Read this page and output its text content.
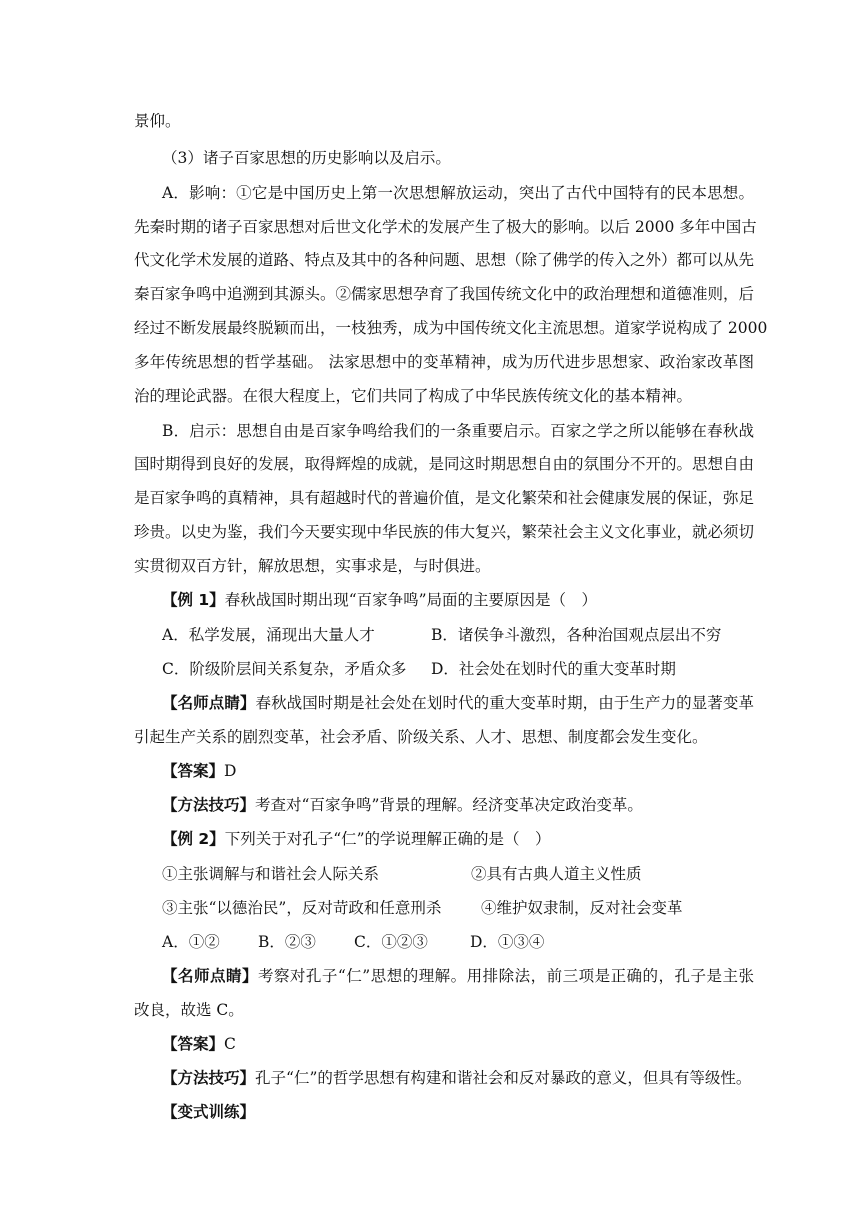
景仰。
（3）诸子百家思想的历史影响以及启示。
A．影响：①它是中国历史上第一次思想解放运动，突出了古代中国特有的民本思想。
先秦时期的诸子百家思想对后世文化学术的发展产生了极大的影响。以后 2000 多年中国古
代文化学术发展的道路、特点及其中的各种问题、思想（除了佛学的传入之外）都可以从先
秦百家争鸣中追溯到其源头。②儒家思想孕育了我国传统文化中的政治理想和道德准则，后
经过不断发展最终脱颖而出，一枝独秀，成为中国传统文化主流思想。道家学说构成了 2000
多年传统思想的哲学基础。 法家思想中的变革精神，成为历代进步思想家、政治家改革图
治的理论武器。在很大程度上，它们共同了构成了中华民族传统文化的基本精神。
B．启示：思想自由是百家争鸣给我们的一条重要启示。百家之学之所以能够在春秋战
国时期得到良好的发展，取得辉煌的成就，是同这时期思想自由的氛围分不开的。思想自由
是百家争鸣的真精神，具有超越时代的普遍价值，是文化繁荣和社会健康发展的保证，弥足
珍贵。以史为鉴，我们今天要实现中华民族的伟大复兴，繁荣社会主义文化事业，就必须切
实贯彻双百方针，解放思想，实事求是，与时俱进。
【例 1】春秋战国时期出现“百家争鸣”局面的主要原因是（　）
A．私学发展，涌现出大量人才	B．诸侯争斗激烈，各种治国观点层出不穷
C．阶级阶层间关系复杂，矛盾众多 D．社会处在划时代的重大变革时期
【名师点睛】春秋战国时期是社会处在划时代的重大变革时期，由于生产力的显著变革
引起生产关系的剧烈变革，社会矛盾、阶级关系、人才、思想、制度都会发生变化。
【答案】D
【方法技巧】考查对“百家争鸣”背景的理解。经济变革决定政治变革。
【例 2】下列关于对孔子“仁”的学说理解正确的是（　）
①主张调解与和谐社会人际关系	②具有古典人道主义性质
③主张“以德治民”，反对苛政和任意刑杀	④维护奴隶制，反对社会变革
A．①② B．②③ C．①②③	D．①③④
【名师点睛】考察对孔子“仁”思想的理解。用排除法，前三项是正确的，孔子是主张
改良，故选 C。
【答案】C
【方法技巧】孔子“仁”的哲学思想有构建和谐社会和反对暴政的意义，但具有等级性。
【变式训练】
